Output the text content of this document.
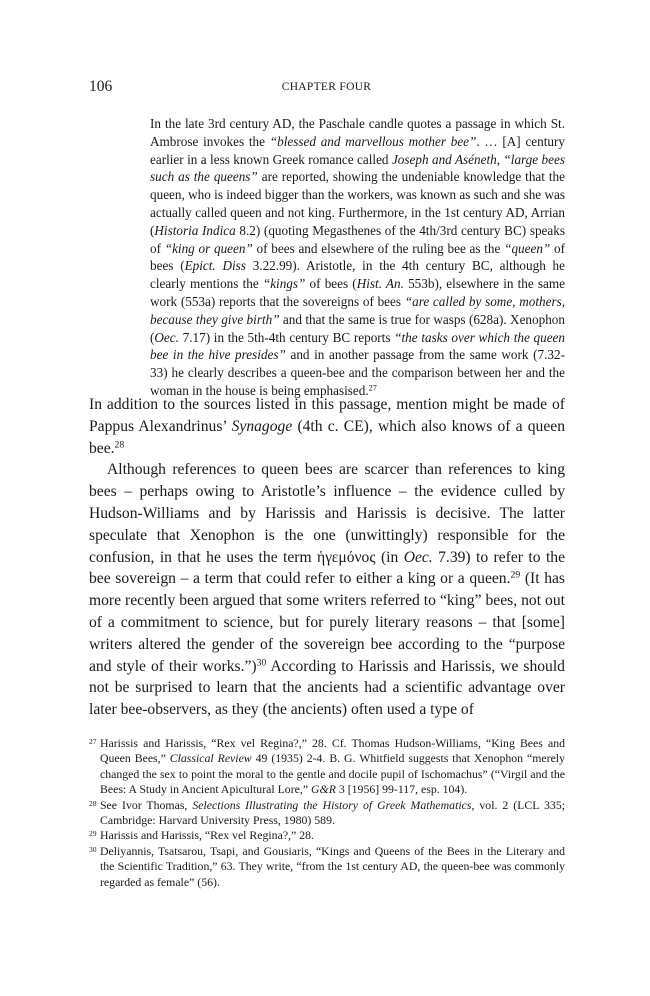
106	CHAPTER FOUR

In the late 3rd century AD, the Paschale candle quotes a passage in which St. Ambrose invokes the “blessed and marvellous mother bee”. … [A] century earlier in a less known Greek romance called Joseph and Aséneth, “large bees such as the queens” are reported, showing the undeniable knowledge that the queen, who is indeed bigger than the workers, was known as such and she was actually called queen and not king. Furthermore, in the 1st century AD, Arrian (Historia Indica 8.2) (quoting Megasthenes of the 4th/3rd century BC) speaks of “king or queen” of bees and elsewhere of the ruling bee as the “queen” of bees (Epict. Diss 3.22.99). Aristotle, in the 4th century BC, although he clearly mentions the “kings” of bees (Hist. An. 553b), elsewhere in the same work (553a) reports that the sovereigns of bees “are called by some, mothers, because they give birth” and that the same is true for wasps (628a). Xenophon (Oec. 7.17) in the 5th-4th century BC reports “the tasks over which the queen bee in the hive presides” and in another passage from the same work (7.32-33) he clearly describes a queen-bee and the comparison between her and the woman in the house is being emphasised.$^{27}$

In addition to the sources listed in this passage, mention might be made of Pappus Alexandrinus’ Synagoge (4th c. CE), which also knows of a queen bee.$^{28}$

Although references to queen bees are scarcer than references to king bees – perhaps owing to Aristotle’s influence – the evidence culled by Hudson-Williams and by Harissis and Harissis is decisive. The latter speculate that Xenophon is the one (unwittingly) responsible for the confusion, in that he uses the term ἡγεμόνος (in Oec. 7.39) to refer to the bee sovereign – a term that could refer to either a king or a queen.$^{29}$ (It has more recently been argued that some writers referred to “king” bees, not out of a commitment to science, but for purely literary reasons – that [some] writers altered the gender of the sovereign bee according to the “purpose and style of their works.”)$^{30}$ According to Harissis and Harissis, we should not be surprised to learn that the ancients had a scientific advantage over later bee-observers, as they (the ancients) often used a type of

27 Harissis and Harissis, “Rex vel Regina?,” 28. Cf. Thomas Hudson-Williams, “King Bees and Queen Bees,” Classical Review 49 (1935) 2-4. B. G. Whitfield suggests that Xenophon “merely changed the sex to point the moral to the gentle and docile pupil of Ischomachus” (“Virgil and the Bees: A Study in Ancient Apicultural Lore,” G&R 3 [1956] 99-117, esp. 104).
28 See Ivor Thomas, Selections Illustrating the History of Greek Mathematics, vol. 2 (LCL 335; Cambridge: Harvard University Press, 1980) 589.
29 Harissis and Harissis, “Rex vel Regina?,” 28.
30 Deliyannis, Tsatsarou, Tsapi, and Gousiaris, “Kings and Queens of the Bees in the Literary and the Scientific Tradition,” 63. They write, “from the 1st century AD, the queen-bee was commonly regarded as female” (56).
